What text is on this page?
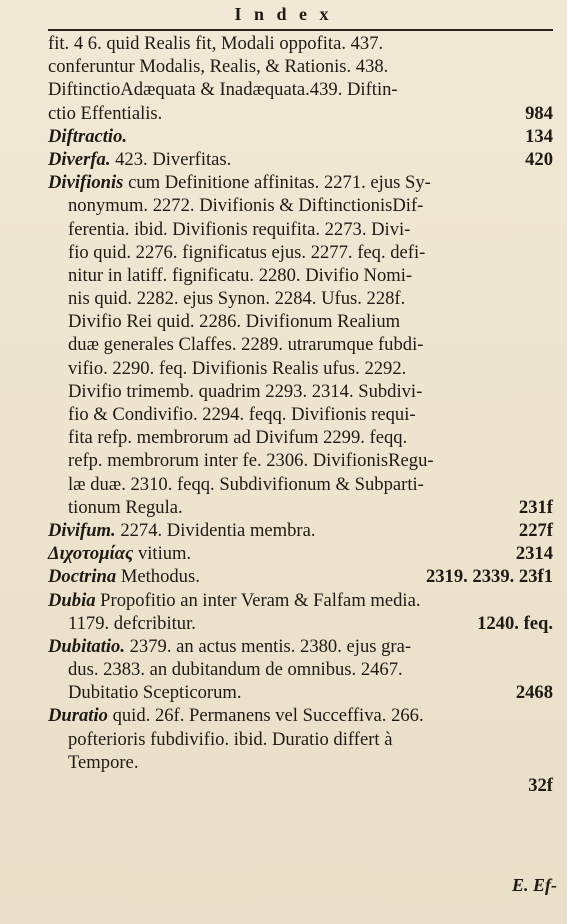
I n d e x
fit. 4 6. quid Realis fit, Modali oppofita. 437.
conferuntur Modalis, Realis, & Rationis. 438.
DiftinctioAdæquata & Inadæquata.439. Diftin-
ctio Effentialis.	984
Diftractio.	134
Diverfa. 423. Diverfitas.	420
Divifionis cum Definitione affinitas. 2271. ejus Sy-
nonymum. 2272. Divifionis & DiftinctionisDif-
ferentia. ibid. Divifionis requifita. 2273. Divi-
fio quid. 2276. fignificatus ejus. 2277. feq. defi-
nitur in latiff. fignificatu. 2280. Divifio Nomi-
nis quid. 2282. ejus Synon. 2284. Ufus. 228f.
Divifio Rei quid. 2286. Divifionum Realium
duæ generales Claffes. 2289. utrarumque fubdi-
vifio. 2290. feq. Divifionis Realis ufus. 2292.
Divifio trimemb. quadrim 2293. 2314. Subdivi-
fio & Condivifio. 2294. feqq. Divifionis requi-
fita refp. membrorum ad Divifum 2299. feqq.
refp. membrorum inter fe. 2306. DivifionisRegu-
læ duæ. 2310. feqq. Subdivifionum & Subparti-
tionum Regula.	231f
Divifum. 2274. Dividentia membra.	227f
Διχοτομίας vitium.	2314
Doctrina Methodus.	2319. 2339. 23f1
Dubia Propofitio an inter Veram & Falfam media.
1179. defcribitur.	1240. feq.
Dubitatio. 2379. an actus mentis. 2380. ejus gra-
dus. 2383. an dubitandum de omnibus. 2467.
Dubitatio Scepticorum.	2468
Duratio quid. 26f. Permanens vel Succeffiva. 266.
pofterioris fubdivifio. ibid. Duratio differt à
Tempore.
32f
E. Ef-
